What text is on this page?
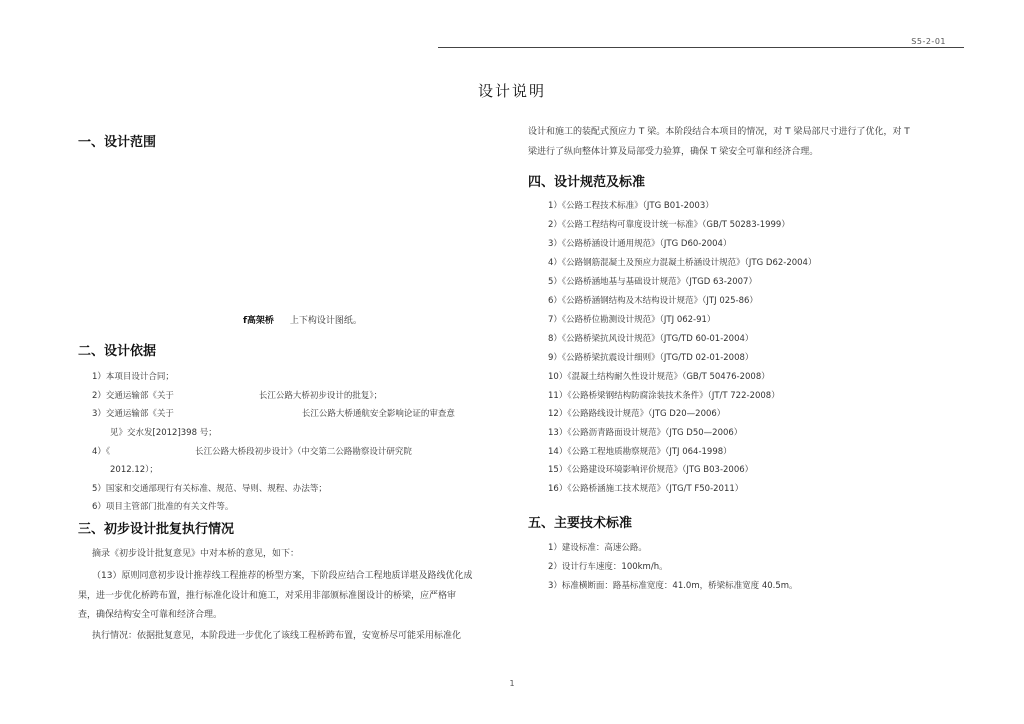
S5-2-01
设计说明
一、设计范围
f高架桥 上下构设计图纸。
二、设计依据
1）本项目设计合同；
2）交通运输部《关于	长江公路大桥初步设计的批复》；
3）交通运输部《关于	长江公路大桥通航安全影响论证的审查意
见》交水发[2012]398 号；
4）《	长江公路大桥段初步设计》（中交第二公路勘察设计研究院
2012.12）；
5）国家和交通部现行有关标准、规范、导则、规程、办法等；
6）项目主管部门批准的有关文件等。
三、初步设计批复执行情况
摘录《初步设计批复意见》中对本桥的意见，如下：
（13）原则同意初步设计推荐线工程推荐的桥型方案，下阶段应结合工程地质详堪及路线优化成
果，进一步优化桥跨布置，推行标准化设计和施工，对采用非部颁标准图设计的桥梁，应严格审
查，确保结构安全可靠和经济合理。
执行情况：依据批复意见，本阶段进一步优化了该线工程桥跨布置，安宽桥尽可能采用标准化
设计和施工的装配式预应力 T 梁。本阶段结合本项目的情况，对 T 梁局部尺寸进行了优化，对 T
梁进行了纵向整体计算及局部受力验算，确保 T 梁安全可靠和经济合理。
四、设计规范及标准
1）《公路工程技术标准》（JTG B01-2003）
2）《公路工程结构可靠度设计统一标准》（GB/T 50283-1999）
3）《公路桥涵设计通用规范》（JTG D60-2004）
4）《公路钢筋混凝土及预应力混凝土桥涵设计规范》（JTG D62-2004）
5）《公路桥涵地基与基础设计规范》（JTGD 63-2007）
6）《公路桥涵钢结构及木结构设计规范》（JTJ 025-86）
7）《公路桥位勘测设计规范》（JTJ 062-91）
8）《公路桥梁抗风设计规范》（JTG/TD 60-01-2004）
9）《公路桥梁抗震设计细则》（JTG/TD 02-01-2008）
10）《混凝土结构耐久性设计规范》（GB/T 50476-2008）
11）《公路桥梁钢结构防腐涂装技术条件》（JT/T 722-2008）
12）《公路路线设计规范》（JTG D20—2006）
13）《公路沥青路面设计规范》（JTG D50—2006）
14）《公路工程地质勘察规范》（JTJ 064-1998）
15）《公路建设环境影响评价规范》（JTG B03-2006）
16）《公路桥涵施工技术规范》（JTG/T F50-2011）
五、主要技术标准
1）建设标准：高速公路。
2）设计行车速度：100km/h。
3）标准横断面：路基标准宽度：41.0m，桥梁标准宽度 40.5m。
1
